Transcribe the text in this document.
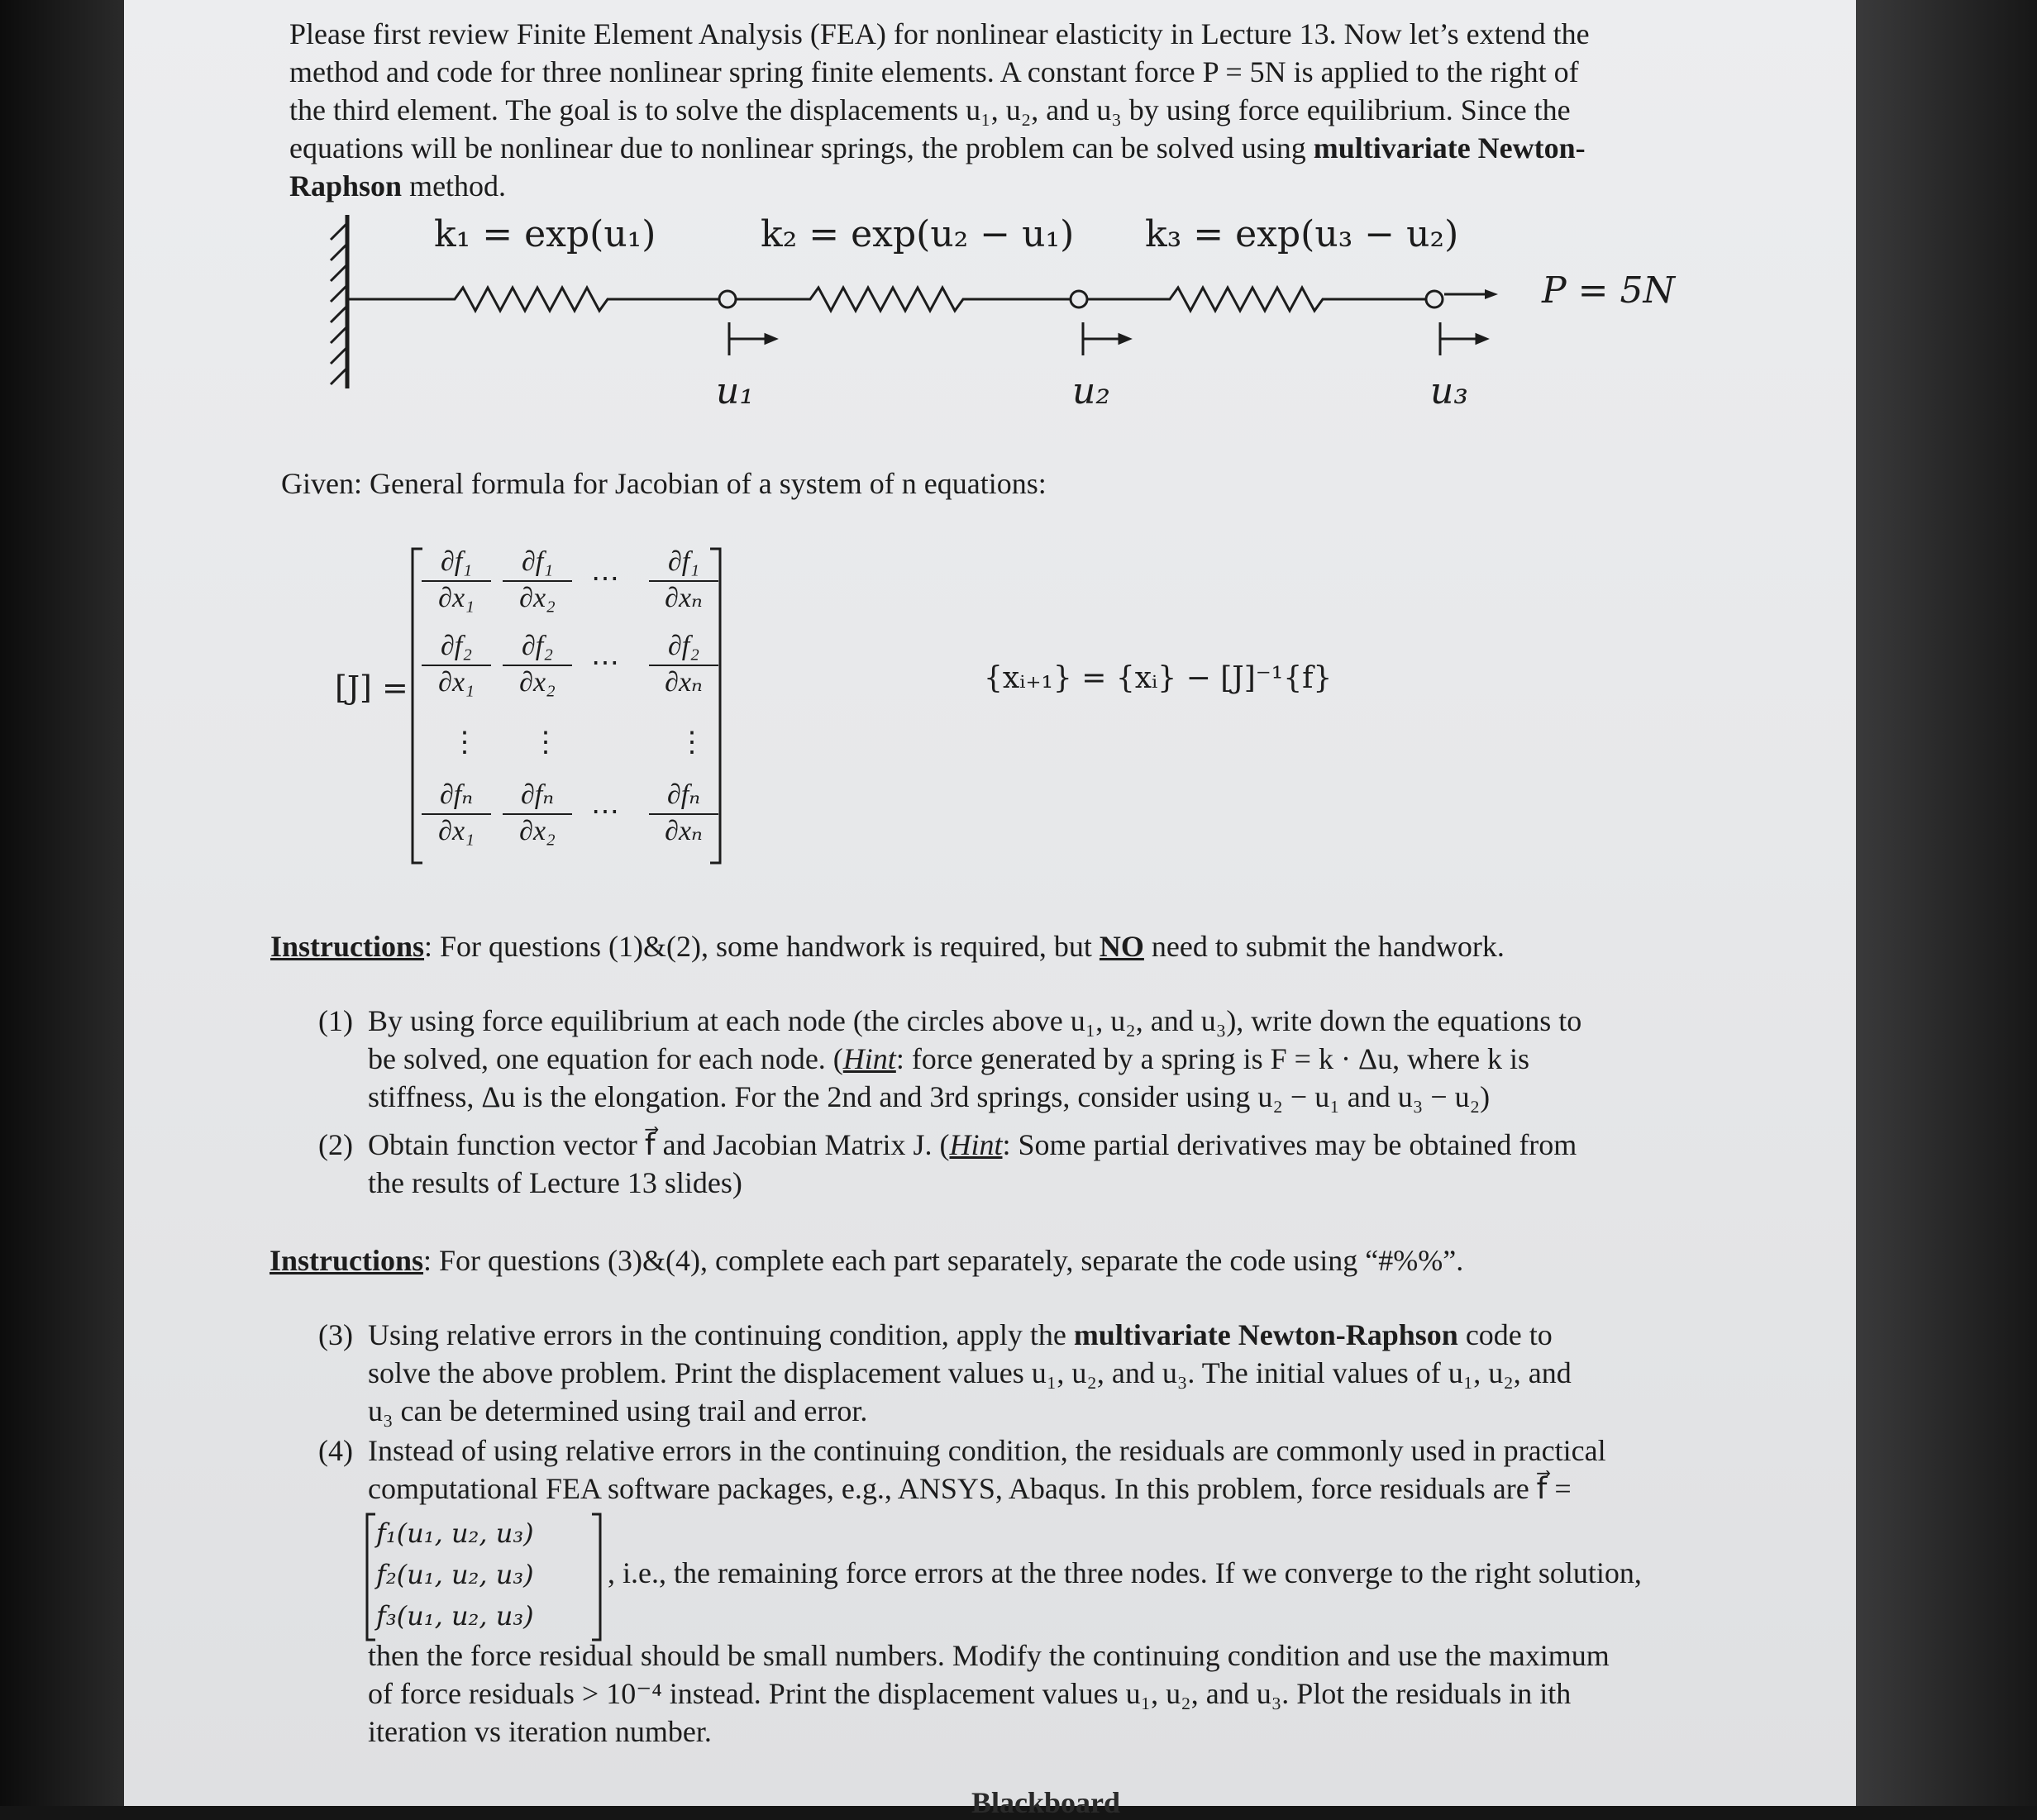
Please first review Finite Element Analysis (FEA) for nonlinear elasticity in Lecture 13. Now let’s extend the

method and code for three nonlinear spring finite elements. A constant force P = 5N is applied to the right of

the third element. The goal is to solve the displacements u₁, u₂, and u₃ by using force equilibrium. Since the

equations will be nonlinear due to nonlinear springs, the problem can be solved using multivariate Newton-

Raphson method.

k₁ = exp(u₁)	k₂ = exp(u₂ − u₁) k₃ = exp(u₃ − u₂)
P = 5N
u₁	u₂	u₃
Given: General formula for Jacobian of a system of n equations:
[J] =
$\frac{\text{∂f₁}}{\text{∂x₁}} \frac{\text{∂f₁}}{\text{∂x₂}}$ ⋯ $\frac{\text{∂f₁}}{\text{∂xₙ}}$
$\frac{\text{∂f₂}}{\text{∂x₁}} \frac{\text{∂f₂}}{\text{∂x₂}}$ ⋯ $\frac{\text{∂f₂}}{\text{∂xₙ}}$
⋮ ⋮	⋮
$\frac{\text{∂fₙ}}{\text{∂x₁}} \frac{\text{∂fₙ}}{\text{∂x₂}}$ ⋯ $\frac{\text{∂fₙ}}{\text{∂xₙ}}$
{xᵢ₊₁} = {xᵢ} − [J]⁻¹{f}
Instructions: For questions (1)&(2), some handwork is required, but NO need to submit the handwork.
(1) By using force equilibrium at each node (the circles above u₁, u₂, and u₃), write down the equations to
be solved, one equation for each node. (Hint: force generated by a spring is F = k · Δu, where k is
stiffness, Δu is the elongation. For the 2nd and 3rd springs, consider using u₂ − u₁ and u₃ − u₂)
(2) Obtain function vector f⃗ and Jacobian Matrix J. (Hint: Some partial derivatives may be obtained from
the results of Lecture 13 slides)
Instructions: For questions (3)&(4), complete each part separately, separate the code using “#%%”.
(3) Using relative errors in the continuing condition, apply the multivariate Newton-Raphson code to
solve the above problem. Print the displacement values u₁, u₂, and u₃. The initial values of u₁, u₂, and
u₃ can be determined using trail and error.
(4) Instead of using relative errors in the continuing condition, the residuals are commonly used in practical
computational FEA software packages, e.g., ANSYS, Abaqus. In this problem, force residuals are f⃗ =
f₁(u₁, u₂, u₃)
f₂(u₁, u₂, u₃)
f₃(u₁, u₂, u₃)
, i.e., the remaining force errors at the three nodes. If we converge to the right solution,
then the force residual should be small numbers. Modify the continuing condition and use the maximum
of force residuals > 10⁻⁴ instead. Print the displacement values u₁, u₂, and u₃. Plot the residuals in ith
iteration vs iteration number.
Blackboard
